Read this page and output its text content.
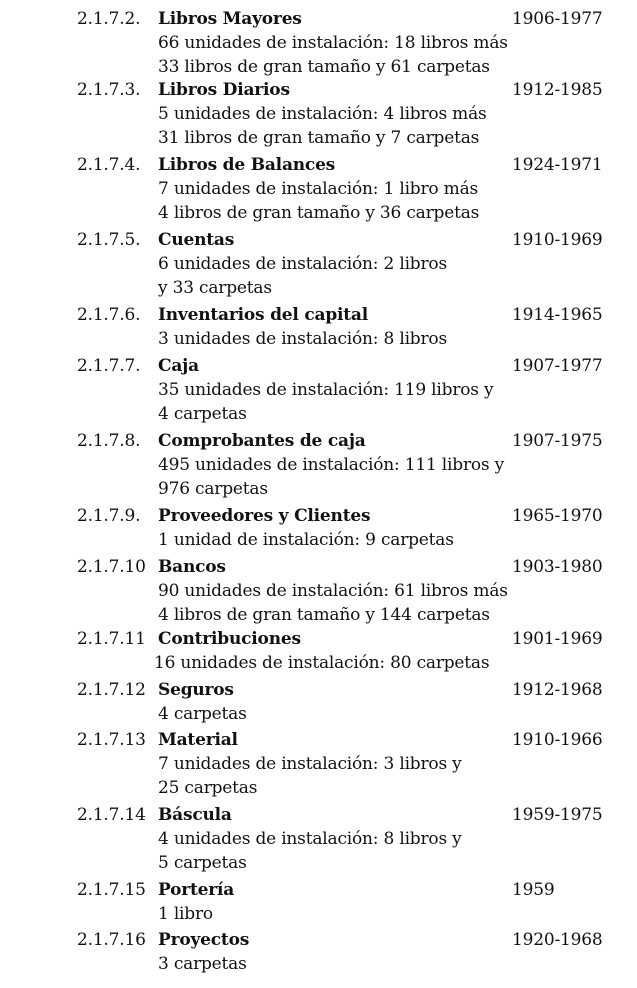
2.1.7.2. Libros Mayores	1906-1977
66 unidades de instalación: 18 libros más
33 libros de gran tamaño y 61 carpetas
2.1.7.3. Libros Diarios	1912-1985
5 unidades de instalación: 4 libros más
31 libros de gran tamaño y 7 carpetas
2.1.7.4. Libros de Balances	1924-1971
7 unidades de instalación: 1 libro más
4 libros de gran tamaño y 36 carpetas
2.1.7.5. Cuentas	1910-1969
6 unidades de instalación: 2 libros
y 33 carpetas
2.1.7.6. Inventarios del capital	1914-1965
3 unidades de instalación: 8 libros
2.1.7.7. Caja	1907-1977
35 unidades de instalación: 119 libros y
4 carpetas
2.1.7.8. Comprobantes de caja	1907-1975
495 unidades de instalación: 111 libros y
976 carpetas
2.1.7.9. Proveedores y Clientes	1965-1970
1 unidad de instalación: 9 carpetas
2.1.7.10 Bancos	1903-1980
90 unidades de instalación: 61 libros más
4 libros de gran tamaño y 144 carpetas
2.1.7.11 Contribuciones	1901-1969
16 unidades de instalación: 80 carpetas
2.1.7.12 Seguros	1912-1968
4 carpetas
2.1.7.13 Material	1910-1966
7 unidades de instalación: 3 libros y
25 carpetas
2.1.7.14 Báscula	1959-1975
4 unidades de instalación: 8 libros y
5 carpetas
2.1.7.15 Portería	1959
1 libro
2.1.7.16 Proyectos	1920-1968
3 carpetas
